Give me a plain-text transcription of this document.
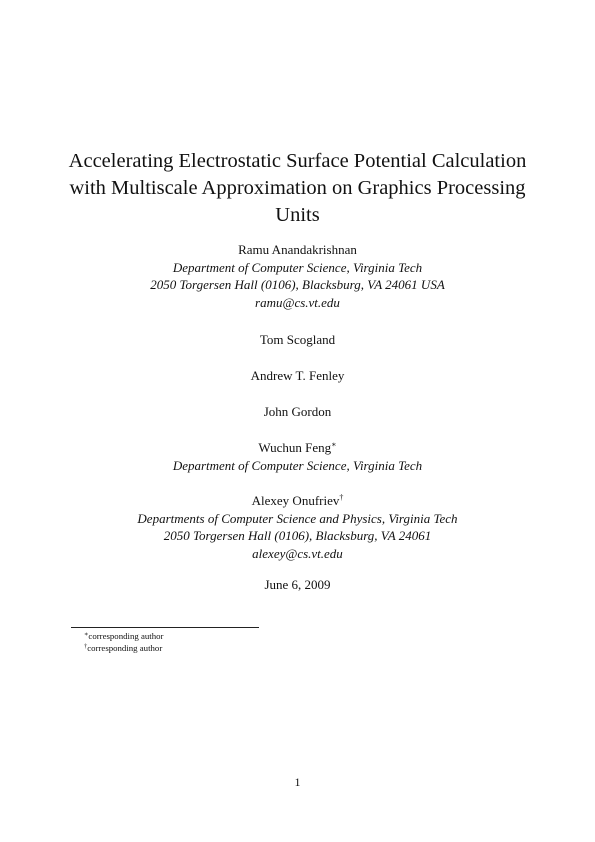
Accelerating Electrostatic Surface Potential Calculation
with Multiscale Approximation on Graphics Processing
Units
Ramu Anandakrishnan
Department of Computer Science, Virginia Tech
2050 Torgersen Hall (0106), Blacksburg, VA 24061 USA
ramu@cs.vt.edu
Tom Scogland
Andrew T. Fenley
John Gordon
Wuchun Feng∗
Department of Computer Science, Virginia Tech
Alexey Onufriev†
Departments of Computer Science and Physics, Virginia Tech
2050 Torgersen Hall (0106), Blacksburg, VA 24061
alexey@cs.vt.edu
June 6, 2009
∗corresponding author
†corresponding author
1
